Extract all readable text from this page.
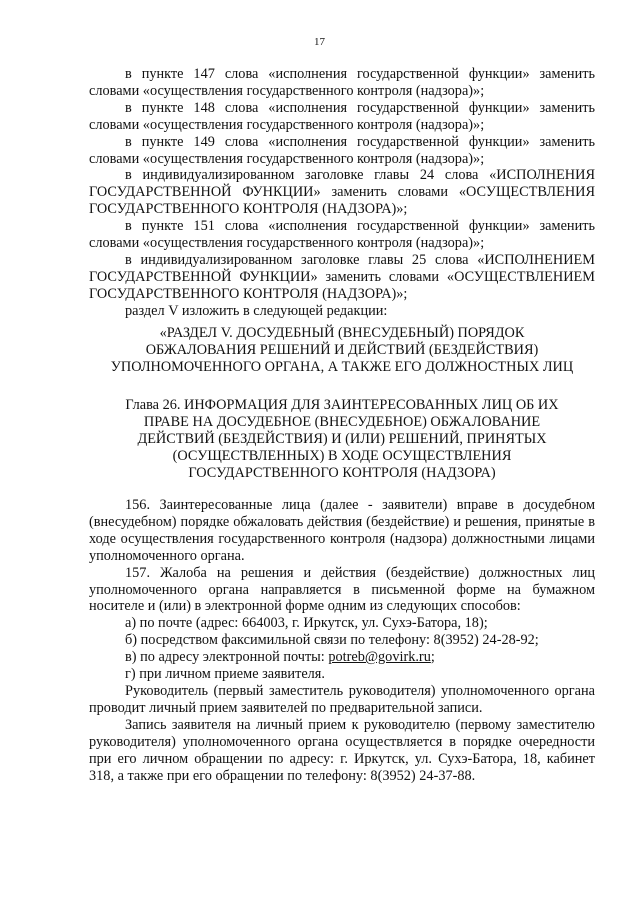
17

в пункте 147 слова «исполнения государственной функции» заменить словами «осуществления государственного контроля (надзора)»;

в пункте 148 слова «исполнения государственной функции» заменить словами «осуществления государственного контроля (надзора)»;

в пункте 149 слова «исполнения государственной функции» заменить словами «осуществления государственного контроля (надзора)»;

в индивидуализированном заголовке главы 24 слова «ИСПОЛНЕНИЯ ГОСУДАРСТВЕННОЙ ФУНКЦИИ» заменить словами «ОСУЩЕСТВЛЕНИЯ ГОСУДАРСТВЕННОГО КОНТРОЛЯ (НАДЗОРА)»;

в пункте 151 слова «исполнения государственной функции» заменить словами «осуществления государственного контроля (надзора)»;

в индивидуализированном заголовке главы 25 слова «ИСПОЛНЕНИЕМ ГОСУДАРСТВЕННОЙ ФУНКЦИИ» заменить словами «ОСУЩЕСТВЛЕНИЕМ ГОСУДАРСТВЕННОГО КОНТРОЛЯ (НАДЗОРА)»;

раздел V изложить в следующей редакции:

«РАЗДЕЛ V. ДОСУДЕБНЫЙ (ВНЕСУДЕБНЫЙ) ПОРЯДОК ОБЖАЛОВАНИЯ РЕШЕНИЙ И ДЕЙСТВИЙ (БЕЗДЕЙСТВИЯ) УПОЛНОМОЧЕННОГО ОРГАНА, А ТАКЖЕ ЕГО ДОЛЖНОСТНЫХ ЛИЦ
Глава 26. ИНФОРМАЦИЯ ДЛЯ ЗАИНТЕРЕСОВАННЫХ ЛИЦ ОБ ИХ ПРАВЕ НА ДОСУДЕБНОЕ (ВНЕСУДЕБНОЕ) ОБЖАЛОВАНИЕ ДЕЙСТВИЙ (БЕЗДЕЙСТВИЯ) И (ИЛИ) РЕШЕНИЙ, ПРИНЯТЫХ (ОСУЩЕСТВЛЕННЫХ) В ХОДЕ ОСУЩЕСТВЛЕНИЯ ГОСУДАРСТВЕННОГО КОНТРОЛЯ (НАДЗОРА)

156. Заинтересованные лица (далее - заявители) вправе в досудебном (внесудебном) порядке обжаловать действия (бездействие) и решения, принятые в ходе осуществления государственного контроля (надзора) должностными лицами уполномоченного органа.

157. Жалоба на решения и действия (бездействие) должностных лиц уполномоченного органа направляется в письменной форме на бумажном носителе и (или) в электронной форме одним из следующих способов:

а) по почте (адрес: 664003, г. Иркутск, ул. Сухэ-Батора, 18);

б) посредством факсимильной связи по телефону: 8(3952) 24-28-92;

в) по адресу электронной почты: potreb@govirk.ru;

г) при личном приеме заявителя.

Руководитель (первый заместитель руководителя) уполномоченного органа проводит личный прием заявителей по предварительной записи.

Запись заявителя на личный прием к руководителю (первому заместителю руководителя) уполномоченного органа осуществляется в порядке очередности при его личном обращении по адресу: г. Иркутск, ул. Сухэ-Батора, 18, кабинет 318, а также при его обращении по телефону: 8(3952) 24-37-88.
